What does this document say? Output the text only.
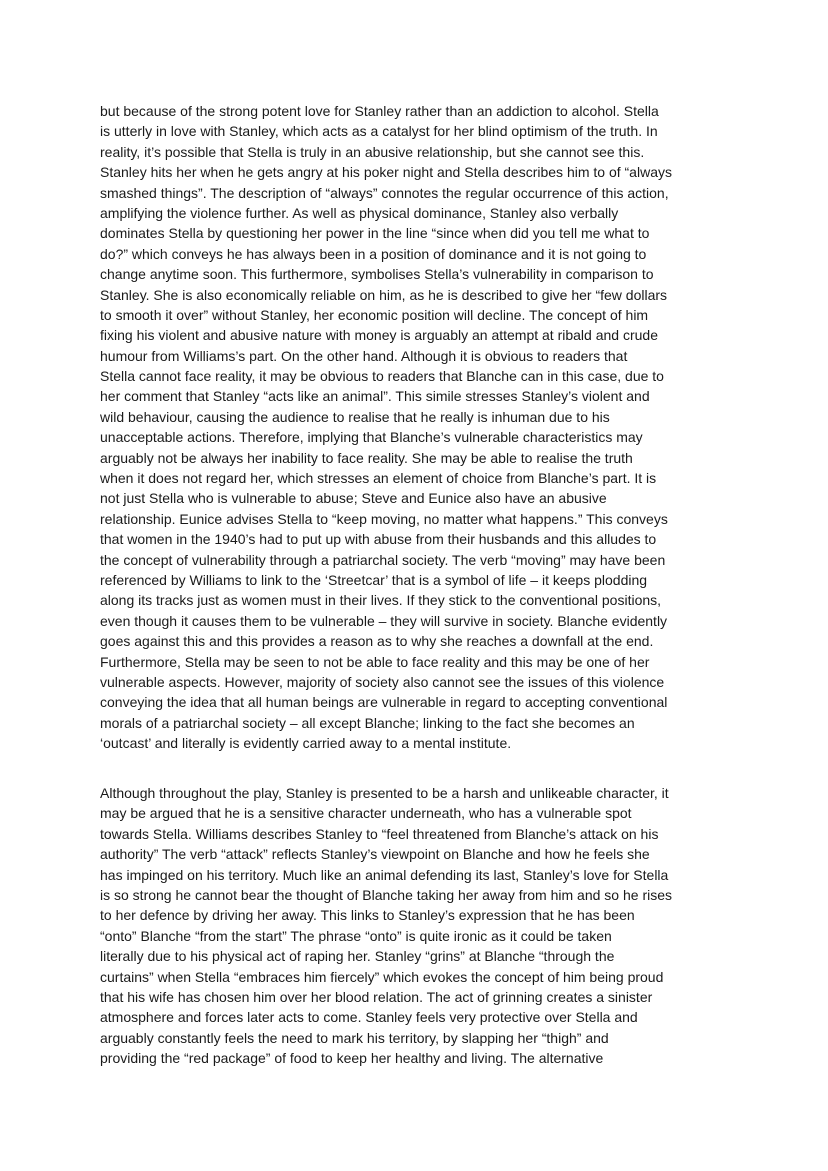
but because of the strong potent love for Stanley rather than an addiction to alcohol. Stella
is utterly in love with Stanley, which acts as a catalyst for her blind optimism of the truth. In
reality, it’s possible that Stella is truly in an abusive relationship, but she cannot see this.
Stanley hits her when he gets angry at his poker night and Stella describes him to of “always
smashed things”. The description of “always” connotes the regular occurrence of this action,
amplifying the violence further. As well as physical dominance, Stanley also verbally
dominates Stella by questioning her power in the line “since when did you tell me what to
do?” which conveys he has always been in a position of dominance and it is not going to
change anytime soon. This furthermore, symbolises Stella’s vulnerability in comparison to
Stanley. She is also economically reliable on him, as he is described to give her “few dollars
to smooth it over” without Stanley, her economic position will decline. The concept of him
fixing his violent and abusive nature with money is arguably an attempt at ribald and crude
humour from Williams’s part. On the other hand. Although it is obvious to readers that
Stella cannot face reality, it may be obvious to readers that Blanche can in this case, due to
her comment that Stanley “acts like an animal”. This simile stresses Stanley’s violent and
wild behaviour, causing the audience to realise that he really is inhuman due to his
unacceptable actions. Therefore, implying that Blanche’s vulnerable characteristics may
arguably not be always her inability to face reality. She may be able to realise the truth
when it does not regard her, which stresses an element of choice from Blanche’s part. It is
not just Stella who is vulnerable to abuse; Steve and Eunice also have an abusive
relationship. Eunice advises Stella to “keep moving, no matter what happens.” This conveys
that women in the 1940’s had to put up with abuse from their husbands and this alludes to
the concept of vulnerability through a patriarchal society. The verb “moving” may have been
referenced by Williams to link to the ‘Streetcar’ that is a symbol of life – it keeps plodding
along its tracks just as women must in their lives. If they stick to the conventional positions,
even though it causes them to be vulnerable – they will survive in society. Blanche evidently
goes against this and this provides a reason as to why she reaches a downfall at the end.
Furthermore, Stella may be seen to not be able to face reality and this may be one of her
vulnerable aspects. However, majority of society also cannot see the issues of this violence
conveying the idea that all human beings are vulnerable in regard to accepting conventional
morals of a patriarchal society – all except Blanche; linking to the fact she becomes an
‘outcast’ and literally is evidently carried away to a mental institute.
Although throughout the play, Stanley is presented to be a harsh and unlikeable character, it
may be argued that he is a sensitive character underneath, who has a vulnerable spot
towards Stella. Williams describes Stanley to “feel threatened from Blanche’s attack on his
authority” The verb “attack” reflects Stanley’s viewpoint on Blanche and how he feels she
has impinged on his territory. Much like an animal defending its last, Stanley’s love for Stella
is so strong he cannot bear the thought of Blanche taking her away from him and so he rises
to her defence by driving her away. This links to Stanley’s expression that he has been
“onto” Blanche “from the start” The phrase “onto” is quite ironic as it could be taken
literally due to his physical act of raping her. Stanley “grins” at Blanche “through the
curtains” when Stella “embraces him fiercely” which evokes the concept of him being proud
that his wife has chosen him over her blood relation. The act of grinning creates a sinister
atmosphere and forces later acts to come. Stanley feels very protective over Stella and
arguably constantly feels the need to mark his territory, by slapping her “thigh” and
providing the “red package” of food to keep her healthy and living. The alternative
